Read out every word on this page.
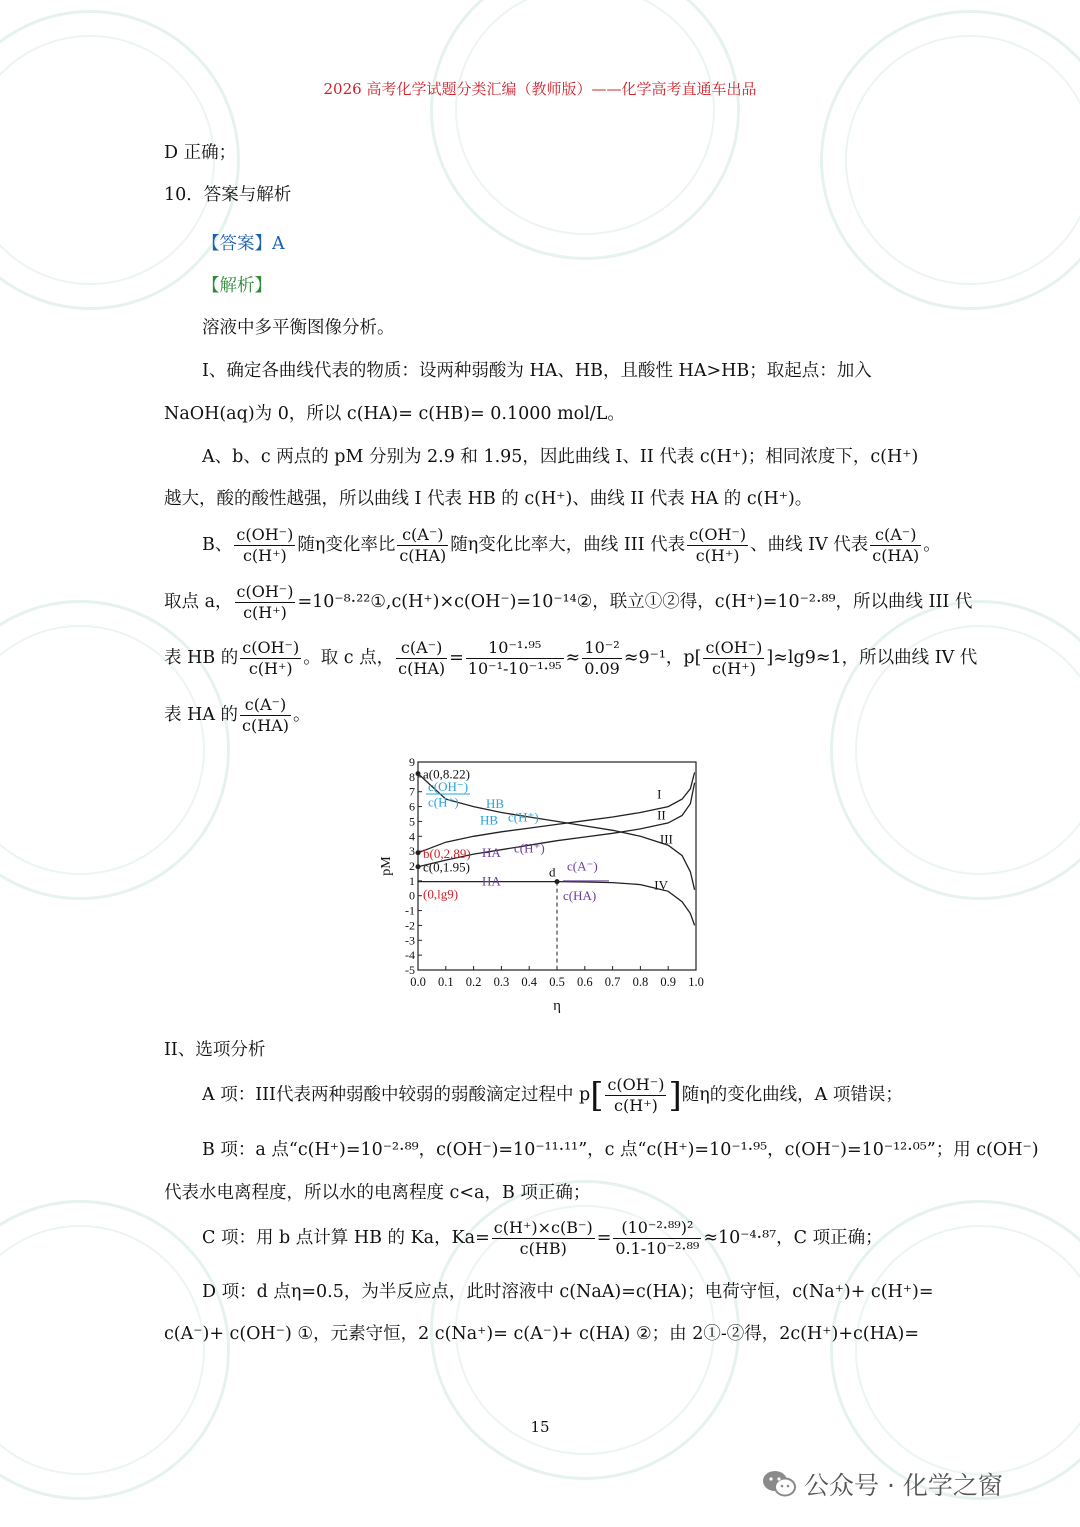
2026 高考化学试题分类汇编（教师版）——化学高考直通车出品
D 正确；
10．答案与解析
【答案】A
【解析】
溶液中多平衡图像分析。
I、确定各曲线代表的物质：设两种弱酸为 HA、HB，且酸性 HA>HB；取起点：加入
NaOH(aq)为 0，所以 c(HA)= c(HB)= 0.1000 mol/L。
A、b、c 两点的 pM 分别为 2.9 和 1.95，因此曲线 I、II 代表 c(H⁺)；相同浓度下，c(H⁺)
越大，酸的酸性越强，所以曲线 I 代表 HB 的 c(H⁺)、曲线 II 代表 HA 的 c(H⁺)。
B、 $\frac{c(OH^-)}{c(H^+)}$ 随η变化率比 $\frac{c(A^-)}{c(HA)}$ 随η变化比率大，曲线 III 代表 $\frac{c(OH^-)}{c(H^+)}$ 、曲线 IV 代表 $\frac{c(A^-)}{c(HA)}$ 。
取点 a， $\frac{c(OH^-)}{c(H^+)}$ =10⁻⁸·²²①,c(H⁺)×c(OH⁻)=10⁻¹⁴②，联立①②得，c(H⁺)=10⁻²·⁸⁹，所以曲线 III 代
表 HB 的 $\frac{c(OH^-)}{c(H^+)}$ 。取 c 点， $\frac{c(A^-)}{c(HA)} = \frac{\text{10⁻¹·⁹⁵}}{\text{10⁻¹-10⁻¹·⁹⁵}} \approx \frac{\text{10⁻²}}{0.09} \approx 9^{-1}$，$p[ \frac{c(OH^-)}{c(H^+)} ]\approx\lg 9\approx 1$，所以曲线 IV 代
表 HA 的 $\frac{c(A^-)}{c(HA)}$ 。
-5
-4
-3
-2
-1
0
1
2
3
4
5
6
7
8
9
0.0 0.1 0.2 0.3 0.4 0.5 0.6 0.7 0.8 0.9 1.0
η
pM
I
II
III
IV
a(0,8.22)
c(OH⁻)
c(H⁺) HB
HB c(H⁺)
b(0,2.89) HA c(H⁺)
c(0,1.95)
HA
(0,lg9)
d c(A⁻)
c(HA)
II、选项分析
A 项：III代表两种弱酸中较弱的弱酸滴定过程中 $p[ \frac{c(OH^-)}{c(H^+)}$ ]随η的变化曲线，A 项错误；
B 项：a 点“c(H⁺)=10⁻²·⁸⁹，c(OH⁻)=10⁻¹¹·¹¹”，c 点“c(H⁺)=10⁻¹·⁹⁵，c(OH⁻)=10⁻¹²·⁰⁵”；用 c(OH⁻)
代表水电离程度，所以水的电离程度 c<a，B 项正确；
C 项：用 b 点计算 HB 的 Ka，$Ka= \frac{c(H^+)\times c(B^-)}{c(HB)} = \frac{\text{(10⁻²·⁸⁹)²}}{\text{0.1-10⁻²·⁸⁹}} \approx 10^{-4}\cdot^{87}$，C 项正确；
D 项：d 点η=0.5，为半反应点，此时溶液中 c(NaA)=c(HA)；电荷守恒，c(Na⁺)+ c(H⁺)=
c(A⁻)+ c(OH⁻) ①，元素守恒，2 c(Na⁺)= c(A⁻)+ c(HA) ②；由 2①-②得，2c(H⁺)+c(HA)=
15
公众号 · 化学之窗
